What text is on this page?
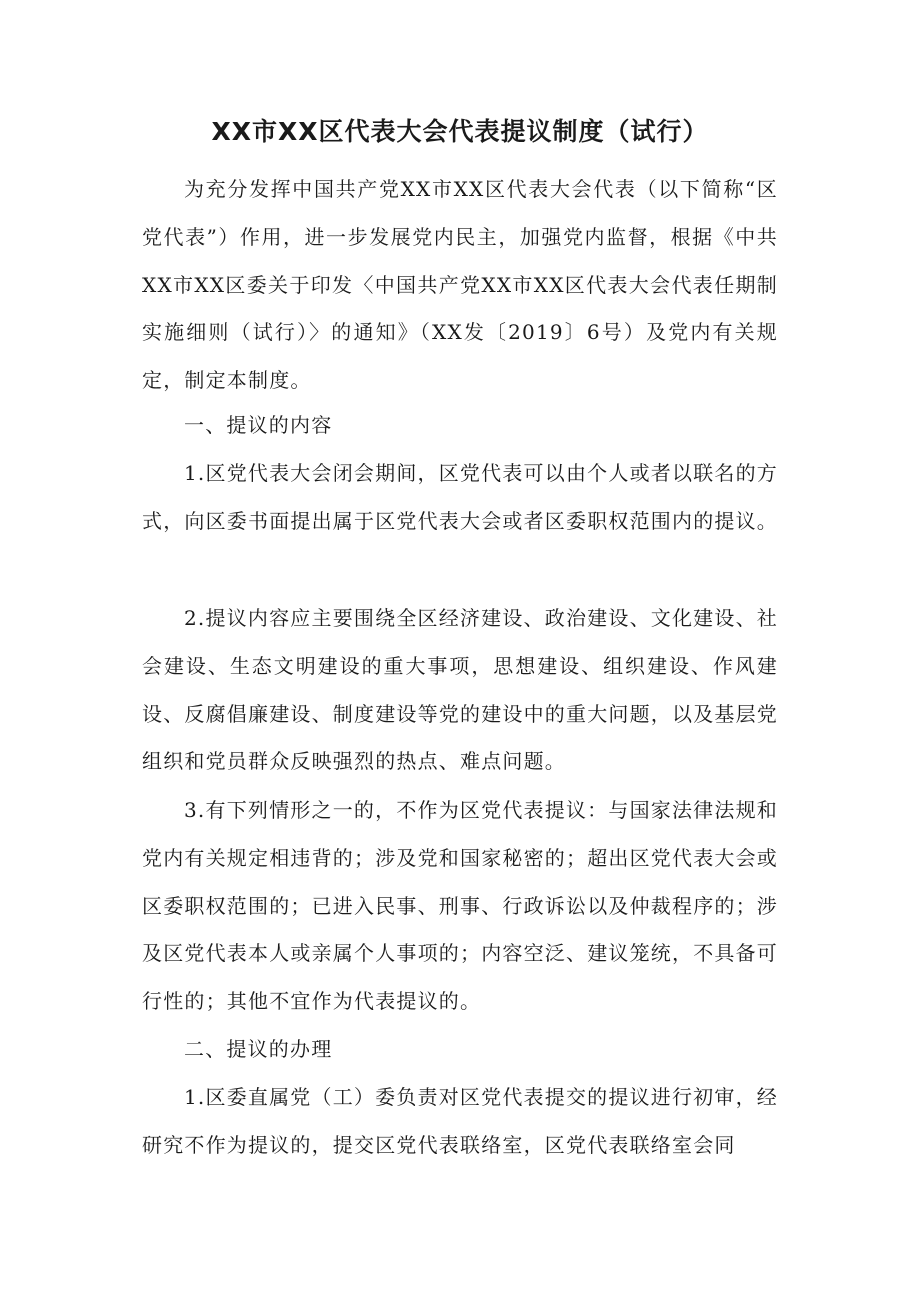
XX市XX区代表大会代表提议制度（试行）

为充分发挥中国共产党XX市XX区代表大会代表（以下简称“区党代表”）作用，进一步发展党内民主，加强党内监督，根据《中共XX市XX区委关于印发〈中国共产党XX市XX区代表大会代表任期制实施细则（试行）〉的通知》（XX发〔2019〕6号）及党内有关规定，制定本制度。

一、提议的内容

1.区党代表大会闭会期间，区党代表可以由个人或者以联名的方式，向区委书面提出属于区党代表大会或者区委职权范围内的提议。

2.提议内容应主要围绕全区经济建设、政治建设、文化建设、社会建设、生态文明建设的重大事项，思想建设、组织建设、作风建设、反腐倡廉建设、制度建设等党的建设中的重大问题，以及基层党组织和党员群众反映强烈的热点、难点问题。

3.有下列情形之一的，不作为区党代表提议：与国家法律法规和党内有关规定相违背的；涉及党和国家秘密的；超出区党代表大会或区委职权范围的；已进入民事、刑事、行政诉讼以及仲裁程序的；涉及区党代表本人或亲属个人事项的；内容空泛、建议笼统，不具备可行性的；其他不宜作为代表提议的。

二、提议的办理

1.区委直属党（工）委负责对区党代表提交的提议进行初审，经研究不作为提议的，提交区党代表联络室，区党代表联络室会同
